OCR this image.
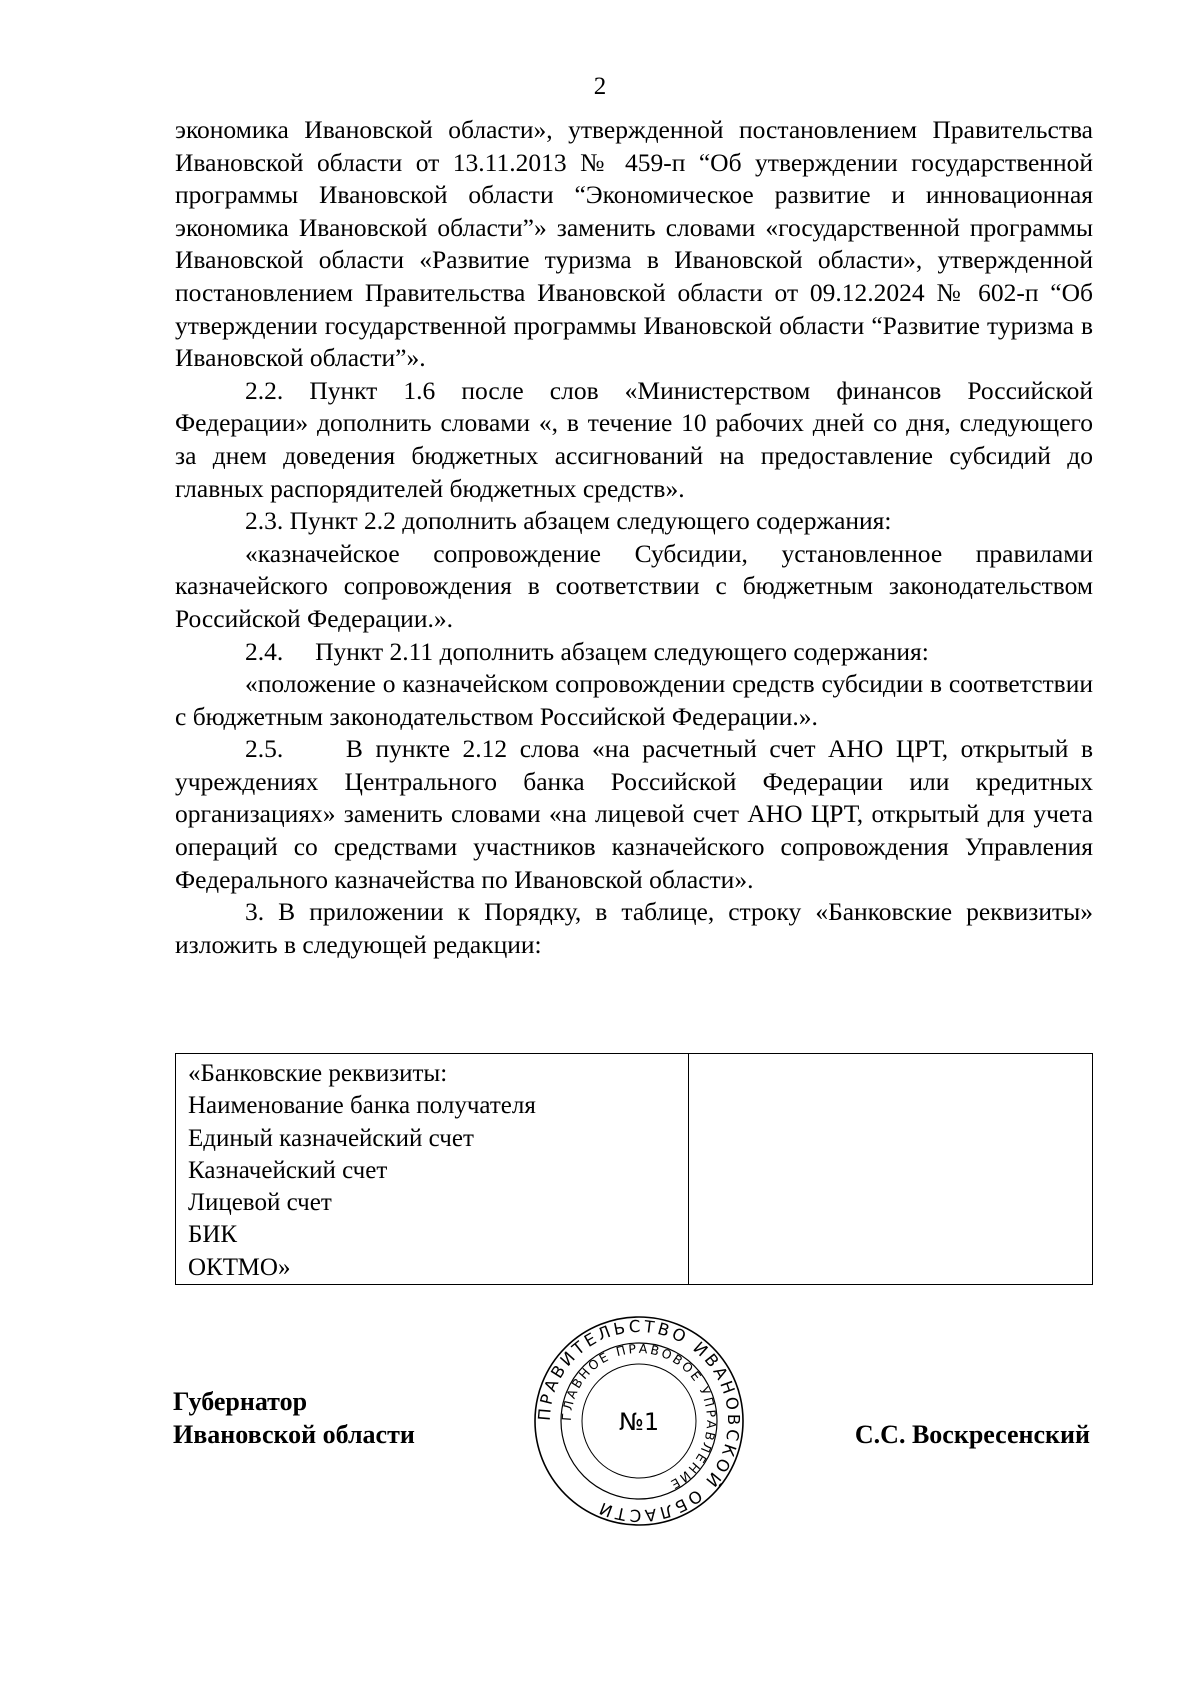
2

экономика Ивановской области», утвержденной постановлением Правительства Ивановской области от 13.11.2013 № 459-п “Об утверждении государственной программы Ивановской области “Экономическое развитие и инновационная экономика Ивановской области”» заменить словами «государственной программы Ивановской области «Развитие туризма в Ивановской области», утвержденной постановлением Правительства Ивановской области от 09.12.2024 № 602-п “Об утверждении государственной программы Ивановской области “Развитие туризма в Ивановской области”».

2.2. Пункт 1.6 после слов «Министерством финансов Российской Федерации» дополнить словами «, в течение 10 рабочих дней со дня, следующего за днем доведения бюджетных ассигнований на предоставление субсидий до главных распорядителей бюджетных средств».

2.3. Пункт 2.2 дополнить абзацем следующего содержания:

«казначейское сопровождение Субсидии, установленное правилами казначейского сопровождения в соответствии с бюджетным законодательством Российской Федерации.».

2.4.     Пункт 2.11 дополнить абзацем следующего содержания:

«положение о казначейском сопровождении средств субсидии в соответствии с бюджетным законодательством Российской Федерации.».

2.5.     В пункте 2.12 слова «на расчетный счет АНО ЦРТ, открытый в учреждениях Центрального банка Российской Федерации или кредитных организациях» заменить словами «на лицевой счет АНО ЦРТ, открытый для учета операций со средствами участников казначейского сопровождения Управления Федерального казначейства по Ивановской области».

3. В приложении к Порядку, в таблице, строку «Банковские реквизиты» изложить в следующей редакции:

«Банковские реквизиты:
Наименование банка получателя
Единый казначейский счет
Казначейский счет
Лицевой счет
БИК
ОКТМО»

Губернатор
Ивановской области
ПРАВИТЕЛЬСТВО ИВАНОВСКОЙ ОБЛАСТИ
ГЛАВНОЕ ПРАВОВОЕ УПРАВЛЕНИЕ
№1	С.С. Воскресенский
